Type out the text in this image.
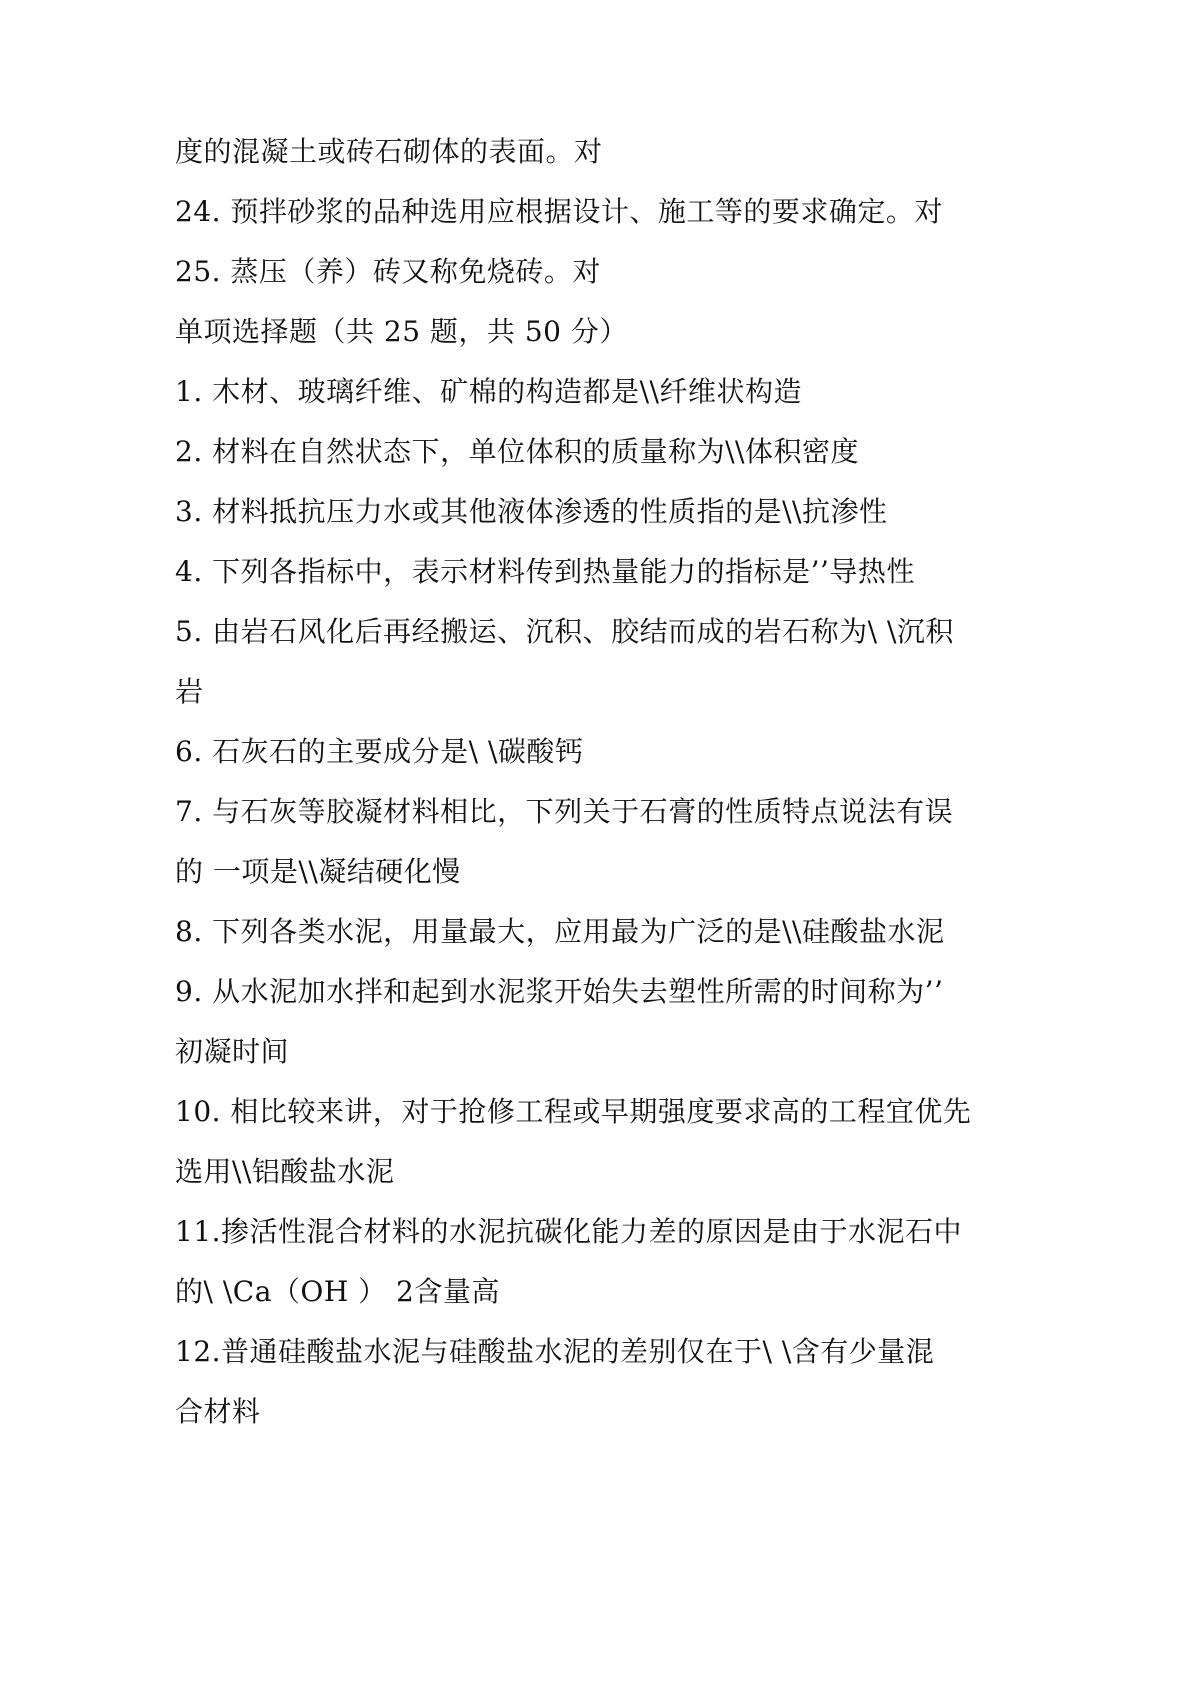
度的混凝土或砖石砌体的表面。对
24. 预拌砂浆的品种选用应根据设计、施工等的要求确定。对
25. 蒸压（养）砖又称免烧砖。对
单项选择题（共 25 题，共 50 分）
1. 木材、玻璃纤维、矿棉的构造都是\\纤维状构造
2. 材料在自然状态下，单位体积的质量称为\\体积密度
3. 材料抵抗压力水或其他液体渗透的性质指的是\\抗渗性
4. 下列各指标中，表示材料传到热量能力的指标是’’导热性
5. 由岩石风化后再经搬运、沉积、胶结而成的岩石称为\ \沉积
岩
6. 石灰石的主要成分是\ \碳酸钙
7. 与石灰等胶凝材料相比，下列关于石膏的性质特点说法有误
的 一项是\\凝结硬化慢
8. 下列各类水泥，用量最大，应用最为广泛的是\\硅酸盐水泥
9. 从水泥加水拌和起到水泥浆开始失去塑性所需的时间称为’’
初凝时间
10. 相比较来讲，对于抢修工程或早期强度要求高的工程宜优先
选用\\铝酸盐水泥
11.掺活性混合材料的水泥抗碳化能力差的原因是由于水泥石中
的\ \Ca（OH ） 2含量高
12.普通硅酸盐水泥与硅酸盐水泥的差别仅在于\ \含有少量混
合材料
